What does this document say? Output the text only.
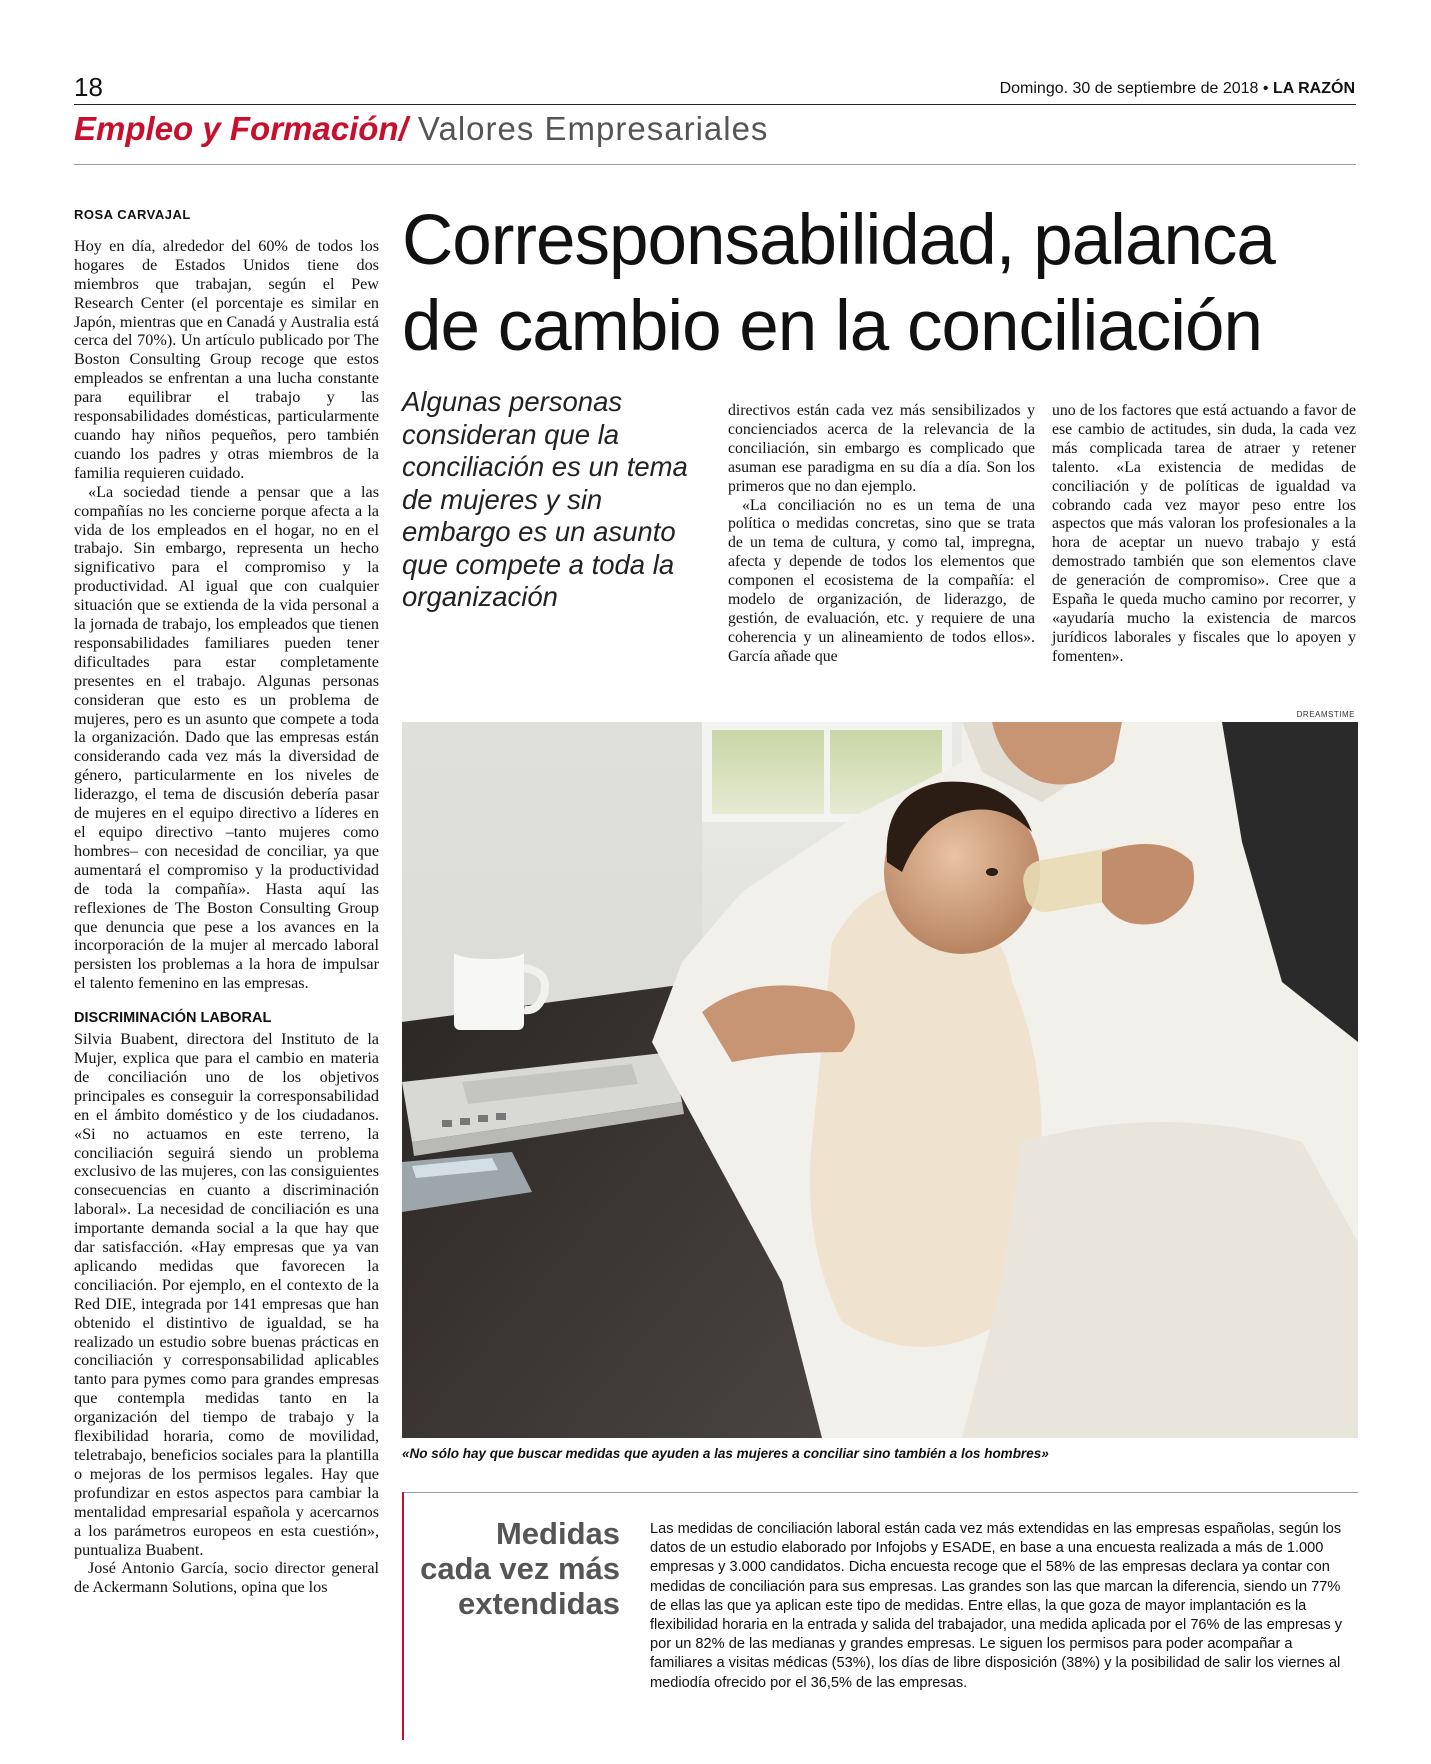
18	Domingo. 30 de septiembre de 2018 • LA RAZÓN
Empleo y Formación/ Valores Empresariales

ROSA CARVAJAL

Hoy en día, alrededor del 60% de todos los hogares de Estados Unidos tiene dos miembros que trabajan, según el Pew Research Center (el porcentaje es similar en Japón, mientras que en Canadá y Australia está cerca del 70%). Un artículo publicado por The Boston Consulting Group recoge que estos empleados se enfrentan a una lucha constante para equilibrar el trabajo y las responsabilidades domésticas, particularmente cuando hay niños pequeños, pero también cuando los padres y otras miembros de la familia requieren cuidado.

«La sociedad tiende a pensar que a las compañías no les concierne porque afecta a la vida de los empleados en el hogar, no en el trabajo. Sin embargo, representa un hecho significativo para el compromiso y la productividad. Al igual que con cualquier situación que se extienda de la vida personal a la jornada de trabajo, los empleados que tienen responsabilidades familiares pueden tener dificultades para estar completamente presentes en el trabajo. Algunas personas consideran que esto es un problema de mujeres, pero es un asunto que compete a toda la organización. Dado que las empresas están considerando cada vez más la diversidad de género, particularmente en los niveles de liderazgo, el tema de discusión debería pasar de mujeres en el equipo directivo a líderes en el equipo directivo –tanto mujeres como hombres– con necesidad de conciliar, ya que aumentará el compromiso y la productividad de toda la compañía». Hasta aquí las reflexiones de The Boston Consulting Group que denuncia que pese a los avances en la incorporación de la mujer al mercado laboral persisten los problemas a la hora de impulsar el talento femenino en las empresas.

DISCRIMINACIÓN LABORAL

Silvia Buabent, directora del Instituto de la Mujer, explica que para el cambio en materia de conciliación uno de los objetivos principales es conseguir la corresponsabilidad en el ámbito doméstico y de los ciudadanos. «Si no actuamos en este terreno, la conciliación seguirá siendo un problema exclusivo de las mujeres, con las consiguientes consecuencias en cuanto a discriminación laboral». La necesidad de conciliación es una importante demanda social a la que hay que dar satisfacción. «Hay empresas que ya van aplicando medidas que favorecen la conciliación. Por ejemplo, en el contexto de la Red DIE, integrada por 141 empresas que han obtenido el distintivo de igualdad, se ha realizado un estudio sobre buenas prácticas en conciliación y corresponsabilidad aplicables tanto para pymes como para grandes empresas que contempla medidas tanto en la organización del tiempo de trabajo y la flexibilidad horaria, como de movilidad, teletrabajo, beneficios sociales para la plantilla o mejoras de los permisos legales. Hay que profundizar en estos aspectos para cambiar la mentalidad empresarial española y acercarnos a los parámetros europeos en esta cuestión», puntualiza Buabent.

José Antonio García, socio director general de Ackermann Solutions, opina que los

Corresponsabilidad, palanca
de cambio en la conciliación
Algunas personas consideran que la conciliación es un tema de mujeres y sin embargo es un asunto que compete a toda la organización

directivos están cada vez más sensibilizados y concienciados acerca de la relevancia de la conciliación, sin embargo es complicado que asuman ese paradigma en su día a día. Son los primeros que no dan ejemplo.

«La conciliación no es un tema de una política o medidas concretas, sino que se trata de un tema de cultura, y como tal, impregna, afecta y depende de todos los elementos que componen el ecosistema de la compañía: el modelo de organización, de liderazgo, de gestión, de evaluación, etc. y requiere de una coherencia y un alineamiento de todos ellos». García añade que

uno de los factores que está actuando a favor de ese cambio de actitudes, sin duda, la cada vez más complicada tarea de atraer y retener talento. «La existencia de medidas de conciliación y de políticas de igualdad va cobrando cada vez mayor peso entre los aspectos que más valoran los profesionales a la hora de aceptar un nuevo trabajo y está demostrado también que son elementos clave de generación de compromiso». Cree que a España le queda mucho camino por recorrer, y «ayudaría mucho la existencia de marcos jurídicos laborales y fiscales que lo apoyen y fomenten».

DREAMSTIME
«No sólo hay que buscar medidas que ayuden a las mujeres a conciliar sino también a los hombres»
Medidas
cada vez más
extendidas
Las medidas de conciliación laboral están cada vez más extendidas en las empresas españolas, según los datos de un estudio elaborado por Infojobs y ESADE, en base a una encuesta realizada a más de 1.000 empresas y 3.000 candidatos. Dicha encuesta recoge que el 58% de las empresas declara ya contar con medidas de conciliación para sus empresas. Las grandes son las que marcan la diferencia, siendo un 77% de ellas las que ya aplican este tipo de medidas. Entre ellas, la que goza de mayor implantación es la flexibilidad horaria en la entrada y salida del trabajador, una medida aplicada por el 76% de las empresas y por un 82% de las medianas y grandes empresas. Le siguen los permisos para poder acompañar a familiares a visitas médicas (53%), los días de libre disposición (38%) y la posibilidad de salir los viernes al mediodía ofrecido por el 36,5% de las empresas.
